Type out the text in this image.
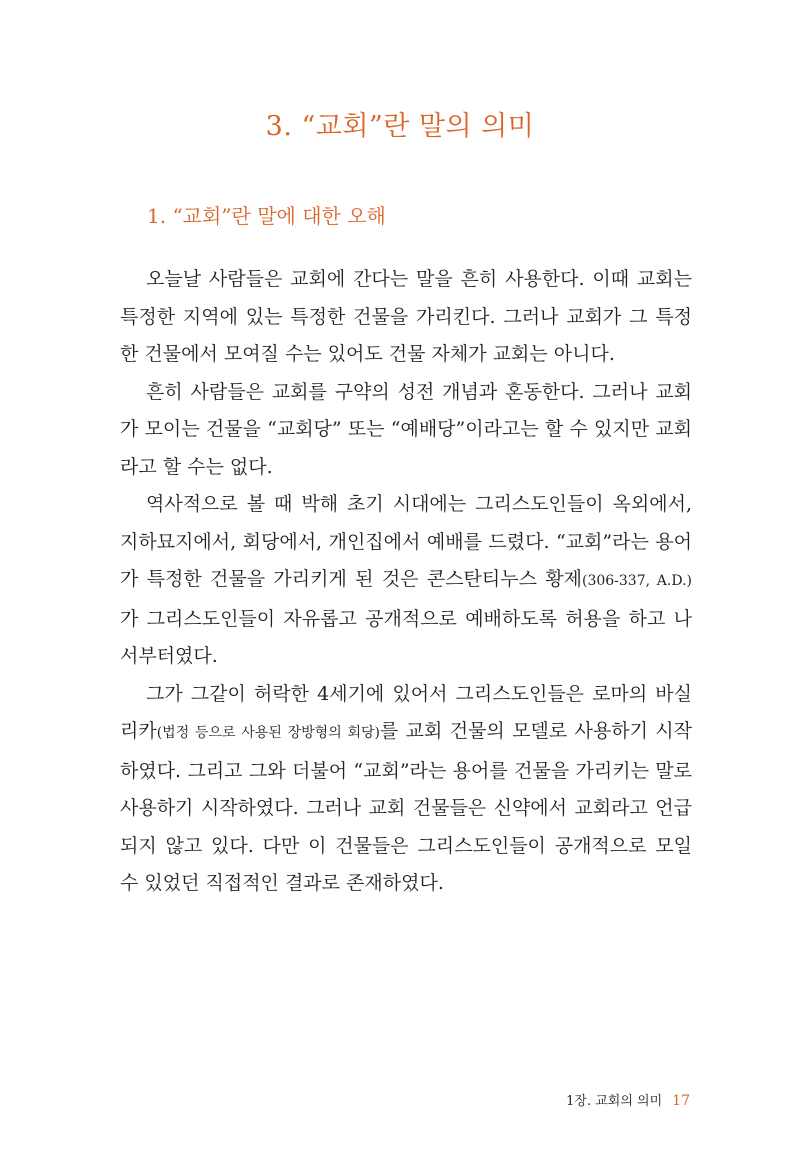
3. “교회”란 말의 의미
1. “교회”란 말에 대한 오해

오늘날 사람들은 교회에 간다는 말을 흔히 사용한다. 이때 교회는 특정한 지역에 있는 특정한 건물을 가리킨다. 그러나 교회가 그 특정한 건물에서 모여질 수는 있어도 건물 자체가 교회는 아니다.

흔히 사람들은 교회를 구약의 성전 개념과 혼동한다. 그러나 교회가 모이는 건물을 “교회당” 또는 “예배당”이라고는 할 수 있지만 교회라고 할 수는 없다.

역사적으로 볼 때 박해 초기 시대에는 그리스도인들이 옥외에서, 지하묘지에서, 회당에서, 개인집에서 예배를 드렸다. “교회”라는 용어가 특정한 건물을 가리키게 된 것은 콘스탄티누스 황제(306-337, A.D.)가 그리스도인들이 자유롭고 공개적으로 예배하도록 허용을 하고 나서부터였다.

그가 그같이 허락한 4세기에 있어서 그리스도인들은 로마의 바실리카(법정 등으로 사용된 장방형의 회당)를 교회 건물의 모델로 사용하기 시작하였다. 그리고 그와 더불어 “교회”라는 용어를 건물을 가리키는 말로 사용하기 시작하였다. 그러나 교회 건물들은 신약에서 교회라고 언급되지 않고 있다. 다만 이 건물들은 그리스도인들이 공개적으로 모일 수 있었던 직접적인 결과로 존재하였다.

1장. 교회의 의미 17
